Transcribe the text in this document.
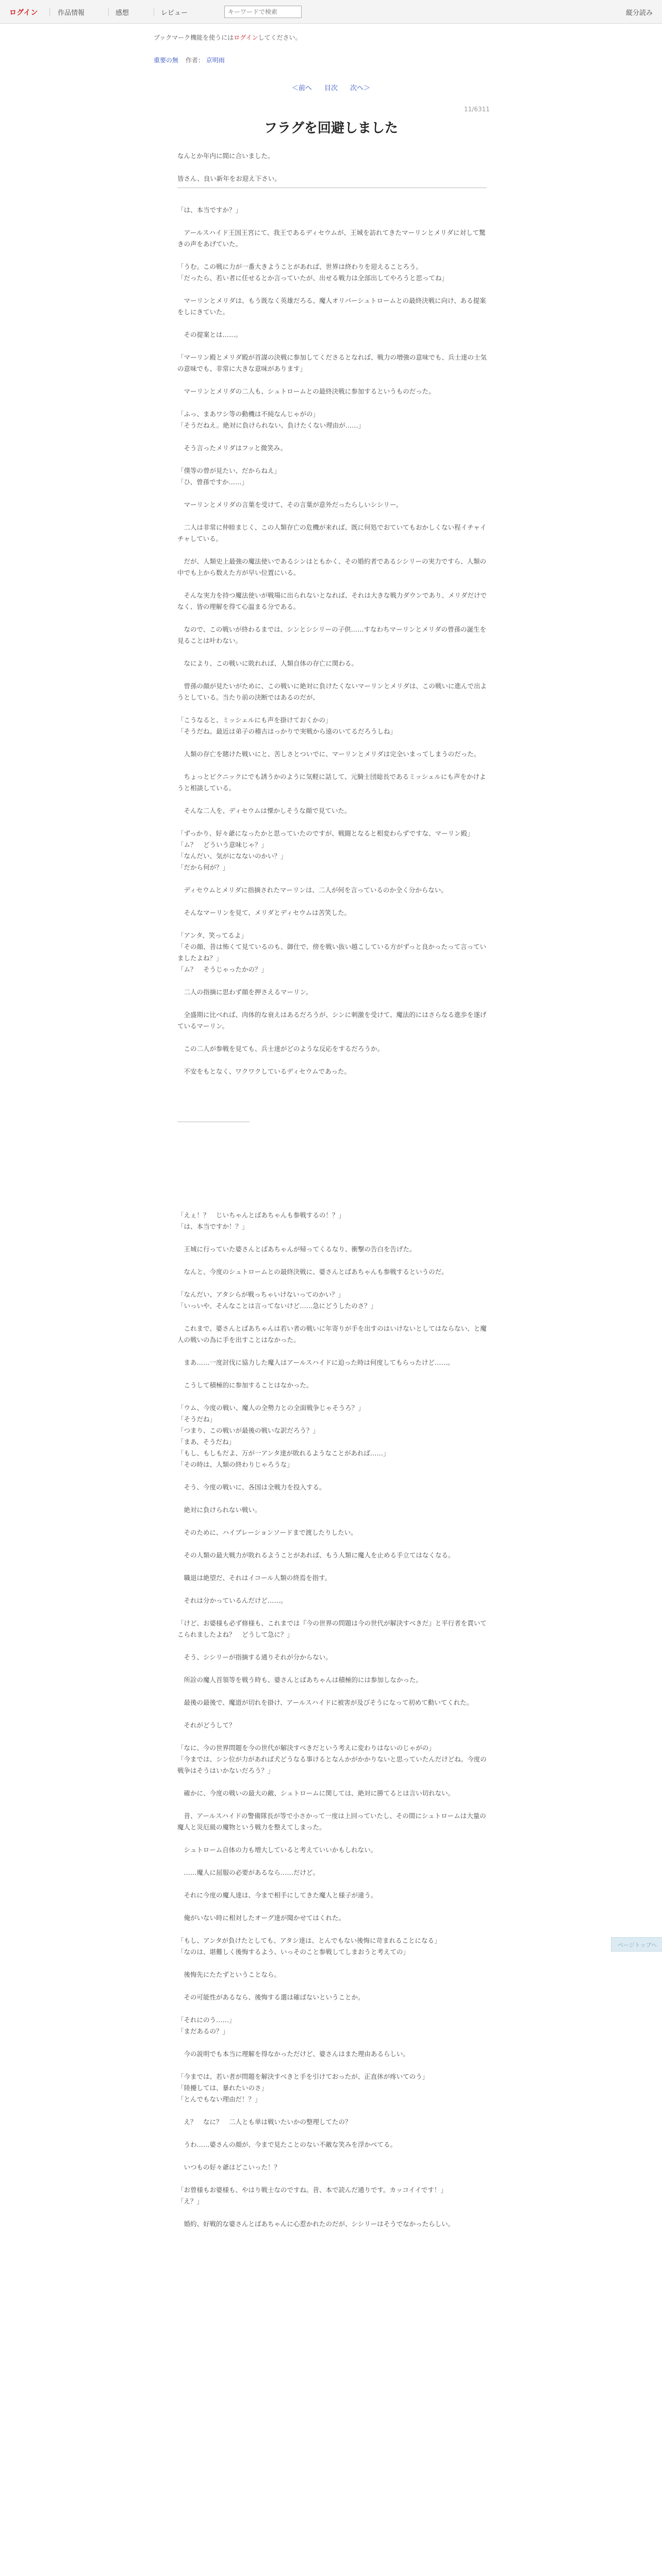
ログイン	作品情報	感想	レビュー
キーワードで検索	縦分読み
ブックマーク機能を使うにはログインしてください。
重要の無 作者： 京明雨
＜前へ 目次 次へ＞
11/6311
フラグを回避しました
なんとか年内に間に合いました。
皆さん、良い新年をお迎え下さい。
「は、本当ですか？」
　アールスハイド王国王宮にて、我王であるディセウムが、王城を訪れてきたマーリンとメリダに対して驚きの声をあげていた。
「うむ。この戦に力が一番大きようことがあれば、世界は終わりを迎えることろう。
「だったら、若い者に任せるとか言っていたが、出せる戦力は全部出してやろうと思ってね」
　マーリンとメリダは、もう既なく英雄だろる、魔人オリバーシュトロームとの最終決戦に向け、ある提案をしにきていた。
　その提案とは……。
「マーリン殿とメリダ殿が首謀の決戦に参加してくださるとなれば、戦力の増強の意味でも、兵士達の士気の意味でも、非常に大きな意味があります」
　マーリンとメリダの二人も、シュトロームとの最終決戦に参加するというものだった。
「ふっ、まあワシ等の動機は不純なんじゃがの」
「そうだねえ。絶対に負けられない、負けたくない理由が……」
　そう言ったメリダはフッと微笑み。
「僕等の曾が見たい、だからねえ」
「ひ、曾孫ですか……」
　マーリンとメリダの言葉を受けて、その言葉が意外だったらしいシシリー。
　二人は非常に仲睦まじく、この人類存亡の危機が来れば、既に何処でおていてもおかしくない程イチャイチャしている。
　だが、人類史上最強の魔法使いであるシンはともかく、その婚約者であるシシリーの実力ですら、人類の中でも上から数えた方が早い位置にいる。
　そんな実力を持つ魔法使いが戦場に出られないとなれば、それは大きな戦力ダウンであり、メリダだけでなく、皆の理解を得て心温まる分である。
　なので、この戦いが終わるまでは、シンとシシリーの子供……すなわちマーリンとメリダの曾孫の誕生を見ることは叶わない。
　なにより、この戦いに敗れれば、人類自体の存亡に関わる。
　曾孫の顔が見たいがために、この戦いに絶対に負けたくないマーリンとメリダは、この戦いに進んで出ようとしている。当たり前の決断ではあるのだが、
「こうなると、ミッシェルにも声を掛けておくかの」
「そうだね。最近は弟子の稽古はっかりで実戦から遠のいてるだろうしね」
　人類の存亡を賭けた戦いにと、苦しさとついでに、マーリンとメリダは完全いまってしまうのだった。
　ちょっとピクニックにでも誘うかのように気軽に話して、元騎士団総長であるミッシェルにも声をかけようと相談している。
　そんな二人を、ディセウムは慄かしそうな顔で見ていた。
「ずっかり、好々爺になったかと思っていたのですが、戦闘となると相変わらずですな、マーリン殿」
「ム？　どういう意味じゃ？」
「なんだい、気がになないのかい？」
「だから何が？」
　ディセウムとメリダに指摘されたマーリンは、二人が何を言っているのか全く分からない。
　そんなマーリンを見て、メリダとディセウムは苦笑した。
「アンタ、笑ってるよ」
「その顔、昔は怖くて見ているのも、御仕で、傍を戦い抜い越こしている方がずっと良かったって言っていましたよね？」
「ム？　そうじゃったかの？」
　二人の指摘に思わず顔を押さえるマーリン。
　全盛期に比べれば、肉体的な衰えはあるだろうが、シンに刺激を受けて、魔法的にはさらなる進歩を遂げているマーリン。
　この二人が参戦を見ても、兵士達がどのような反応をするだろうか。
　不安をもとなく、ワクワクしているディセウムであった。
「えぇ！？　じいちゃんとばあちゃんも参戦するの！？」
「は、本当ですか！？」
　王城に行っていた婆さんとばあちゃんが帰ってくるなり、衝撃の告白を告げた。
　なんと、今度のシュトロームとの最終決戦に、婆さんとばあちゃんも参戦するというのだ。
「なんだい、アタシらが戦っちゃいけないってのかい？」
「いっいや、そんなことは言ってないけど……急にどうしたのさ？」
　これまで、婆さんとばあちゃんは若い者の戦いに年寄りが手を出すのはいけないとしてはならない、と魔人の戦いの為に手を出すことはなかった。
　まあ……一度討伐に協力した魔人はアールスハイドに迫った時は何度してもらったけど……。
　こうして積極的に参加することはなかった。
「ウム、今度の戦い、魔人の全勢力との全面戦争じゃそうろ？」
「そうだね」
「つまり、この戦いが最後の戦いな訳だろう？」
「まあ、そうだね」
「もし、もしもだよ、万が一アンタ達が敗れるようなことがあれば……」
「その時は、人類の終わりじゃろうな」
　そう、今度の戦いに、各国は全戦力を投入する。
　絶対に負けられない戦い。
　そのために、ハイブレーションソードまで渡したりしたい。
　その人類の最大戦力が敗れるようことがあれば、もう人類に魔人を止める手立てはなくなる。
　職退は絶望だ、それはイコール人類の終焉を指す。
　それは分かっているんだけど……。
「けど、お婆様も必ず修様も、これまでは『今の世界の問題は今の世代が解決すべきだ』と平行者を貫いてこられましたよね？　どうして急に？」
　そう、シシリーが指摘する通りそれが分からない。
　所詮の魔人首領等を戦う時も、婆さんとばあちゃんは積極的には参加しなかった。
　最後の最後で、魔道が切れを掛け、アールスハイドに被害が及びそうになって初めて動いてくれた。
　それがどうして？
「なに、今の世界問題を今の世代が解決すべきだという考えに変わりはないのじゃがの」
「今までは、シン位が力があれば犬どうなる事けるとなんかがかかりないと思っていたんだけどね。今度の戦争はそうはいかないだろう？」
　確かに、今度の戦いの最大の敵、シュトロームに関しては、絶対に勝てるとは言い切れない。
　昔、アールスハイドの警備隊長が等で小さかって一度は上回っていたし、その間にシュトロームは大量の魔人と災厄級の魔物という戦力を整えてしまった。
　シュトローム自体の力も増大していると考えていいかもしれない。
　……魔人に屈服の必要があるなら……だけど。
　それに今度の魔人達は、今まで相手にしてきた魔人と様子が違う。
　俺がいない時に相対したオーグ達が聞かせてはくれた。
「もし、アンタが負けたとしても、アタシ達は、とんでもない後悔に苛まれることになる」
「なのは、堪難しく後悔するよう、いっそのこと参戦してしまおうと考えての」
　後悔先にたたずということなら。
　その可能性があるなら、後悔する選は確ばないということか。
「それにのう……」
「まだあるの？」
　今の説明でも本当に理解を得なかっただけど、婆さんはまた理由あるらしい。
「今までは、若い者が問題を解決すべきと手を引けておったが、正直休が疼いてのう」
「陸擾しては、暴れたいのさ」
「とんでもない理由だ！？」
　え？　なに？　二人とも単は戦いたいかの整理してたの？
　うわ……婆さんの顔が、今まで見たことのない不敵な笑みを浮かべてる。
　いつもの好々爺はどこいった！？
「お曾様もお婆様も、やはり戦士なのですね。昔、本で読んだ通りです。カッコイイです！」
「え？」
　婚約、好戦的な婆さんとばあちゃんに心惹かれたのだが、シシリーはそうでなかったらしい。
ページトップへ
